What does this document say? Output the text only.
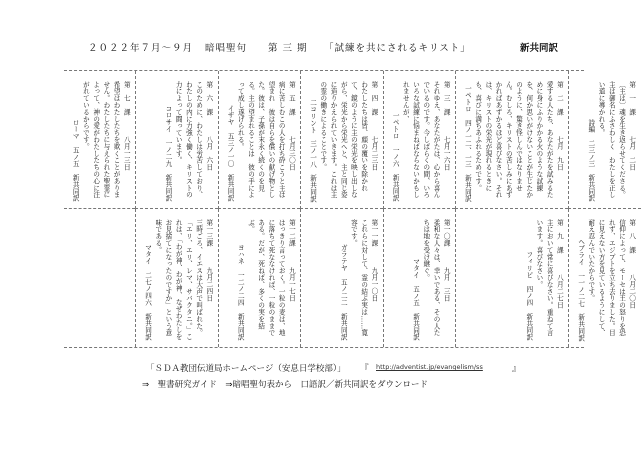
２０２２年７月〜９月 暗唱聖句 第 三 期 「試練を共にされるキリスト」	新共同訳
第　七　課　　　八月一三日
希望はわたしたちを欺くことがありません。わたしたちに与えられた聖霊によって、神の愛がわたしたちの心に注がれているからです。
ローマ　五ノ五　新共同訳
第　六　課　　　八月　六日
このために、わたしは労苦しており、わたしの内に力強く働く、キリストの力によって闘っています。
コロサイ　一ノ二九　新共同訳
第　五　課　　　七月三〇日
病に苦しむこの人を打ち砕こうと主は望まれ　彼は自らを償いの献げ物とした。彼は、子孫が末永く続くのを見る。主の望まれることは　彼の手によって成し遂げられる。
イザヤ　五三ノ一〇　新共同訳
第　四　課　　　七月二三日
わたしたちは皆、顔の覆いを除かれて、鏡のように主の栄光を映し出しながら、栄光から栄光へと、主と同じ姿に造りかえられていきます。これは主の霊の働きによることです。
二コリント　三ノ一八　新共同訳
第　三　課　　　七月一六日
それゆえ、あなたがたは、心から喜んでいるのです。今しばらくの間、いろいろな試練に悩まねばならないかもしれませんが、
一ペトロ　一ノ六　新共同訳
第　二　課　　　七月　九日
愛する人たち、あなたがたを試みるために身にふりかかる火のような試練を、何か思いがけないことが生じたかのように、驚き怪しんではなりません。むしろ、キリストの苦しみにあずかればあずかるほど喜びなさい。それは、キリストの栄光が現れるときにも、喜びに満ちあふれるためです。
一ペトロ　四ノ一二、一三　新共同訳	第　一　課　　　七月　二日
〔主は〕魂を生き返らせてくださる。主は御名にふさわしく　わたしを正しい道に導かれる。
詩編　二三ノ三　新共同訳
第一三課　　　九月二四日
三時ごろ、イエスは大声で叫ばれた。「エリ、エリ、レマ、サバクタニ。」これは、「わが神、わが神、なぜわたしをお見捨てになったのですか」という意味である。
マタイ　二七ノ四六　新共同訳
第一二課　　　九月一七日
はっきり言っておく。一粒の麦は、地に落ちて死ななければ、一粒のままである。だが、死ねば、多くの実を結ぶ。
ヨハネ　一二ノ二四　新共同訳
第一一課　　　九月一〇日
これらに対して、霊の結ぶ実は……寛容です。
ガラテヤ　五ノ二二　新共同訳
第一〇課　　　九月　三日
柔和な人々は、幸いである、その人たちは地を受け継ぐ。
マタイ　五ノ五　新共同訳
第　九　課　　　八月二七日
主において常に喜びなさい。重ねて言います。喜びなさい。
フィリピ　四ノ四　新共同訳
第　八　課　　　八月二〇日
信仰によって、モーセは王の怒りを恐れず、エジプトを立ち去りました。目に見えない方を見ているようにして、耐え忍んでいたからです。
ヘブライ　一一ノ二七　新共同訳
「ＳＤＡ教団伝道局ホームページ（安息日学校部）」 『 http://adventist.jp/evangelism/ss	』
⇒　聖書研究ガイド　⇒暗唱聖句表から　口語訳／新共同訳をダウンロード
